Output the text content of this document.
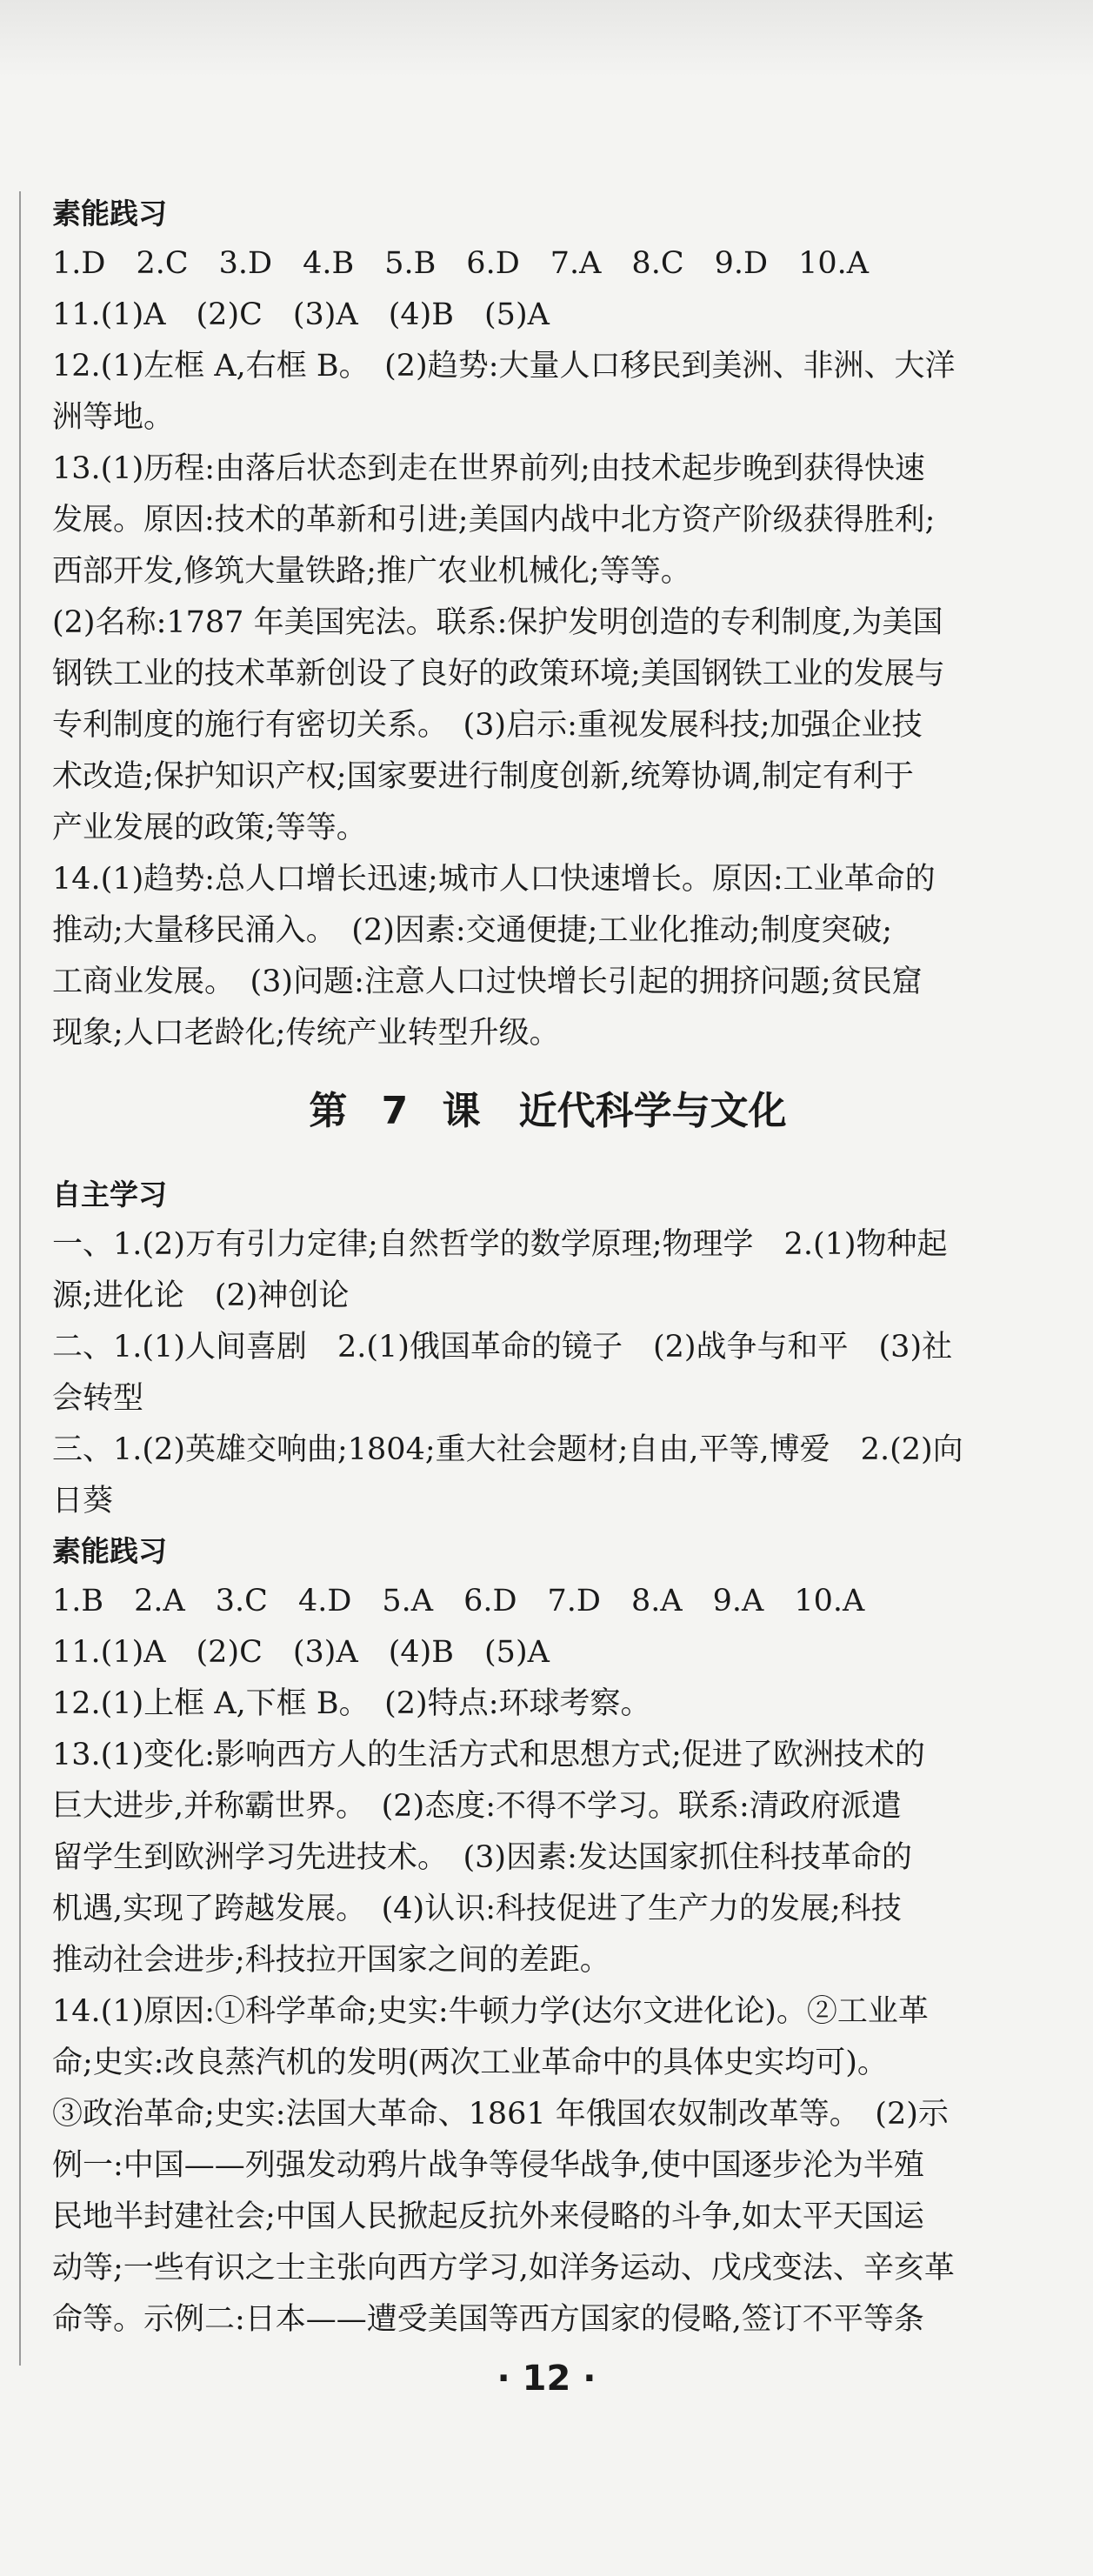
素能践习

1.D　2.C　3.D　4.B　5.B　6.D　7.A　8.C　9.D　10.A

11.(1)A　(2)C　(3)A　(4)B　(5)A

12.(1)左框 A,右框 B。　(2)趋势:大量人口移民到美洲、非洲、大洋

洲等地。

13.(1)历程:由落后状态到走在世界前列;由技术起步晚到获得快速

发展。原因:技术的革新和引进;美国内战中北方资产阶级获得胜利;

西部开发,修筑大量铁路;推广农业机械化;等等。

(2)名称:1787 年美国宪法。联系:保护发明创造的专利制度,为美国

钢铁工业的技术革新创设了良好的政策环境;美国钢铁工业的发展与

专利制度的施行有密切关系。　(3)启示:重视发展科技;加强企业技

术改造;保护知识产权;国家要进行制度创新,统筹协调,制定有利于

产业发展的政策;等等。

14.(1)趋势:总人口增长迅速;城市人口快速增长。原因:工业革命的

推动;大量移民涌入。　(2)因素:交通便捷;工业化推动;制度突破;

工商业发展。　(3)问题:注意人口过快增长引起的拥挤问题;贫民窟

现象;人口老龄化;传统产业转型升级。

第 7 课　近代科学与文化

自主学习

一、1.(2)万有引力定律;自然哲学的数学原理;物理学　2.(1)物种起

源;进化论　(2)神创论

二、1.(1)人间喜剧　2.(1)俄国革命的镜子　(2)战争与和平　(3)社

会转型

三、1.(2)英雄交响曲;1804;重大社会题材;自由,平等,博爱　2.(2)向

日葵

素能践习

1.B　2.A　3.C　4.D　5.A　6.D　7.D　8.A　9.A　10.A

11.(1)A　(2)C　(3)A　(4)B　(5)A

12.(1)上框 A,下框 B。　(2)特点:环球考察。

13.(1)变化:影响西方人的生活方式和思想方式;促进了欧洲技术的

巨大进步,并称霸世界。　(2)态度:不得不学习。联系:清政府派遣

留学生到欧洲学习先进技术。　(3)因素:发达国家抓住科技革命的

机遇,实现了跨越发展。　(4)认识:科技促进了生产力的发展;科技

推动社会进步;科技拉开国家之间的差距。

14.(1)原因:①科学革命;史实:牛顿力学(达尔文进化论)。②工业革

命;史实:改良蒸汽机的发明(两次工业革命中的具体史实均可)。

③政治革命;史实:法国大革命、1861 年俄国农奴制改革等。　(2)示

例一:中国——列强发动鸦片战争等侵华战争,使中国逐步沦为半殖

民地半封建社会;中国人民掀起反抗外来侵略的斗争,如太平天国运

动等;一些有识之士主张向西方学习,如洋务运动、戊戌变法、辛亥革

命等。示例二:日本——遭受美国等西方国家的侵略,签订不平等条

· 12 ·
